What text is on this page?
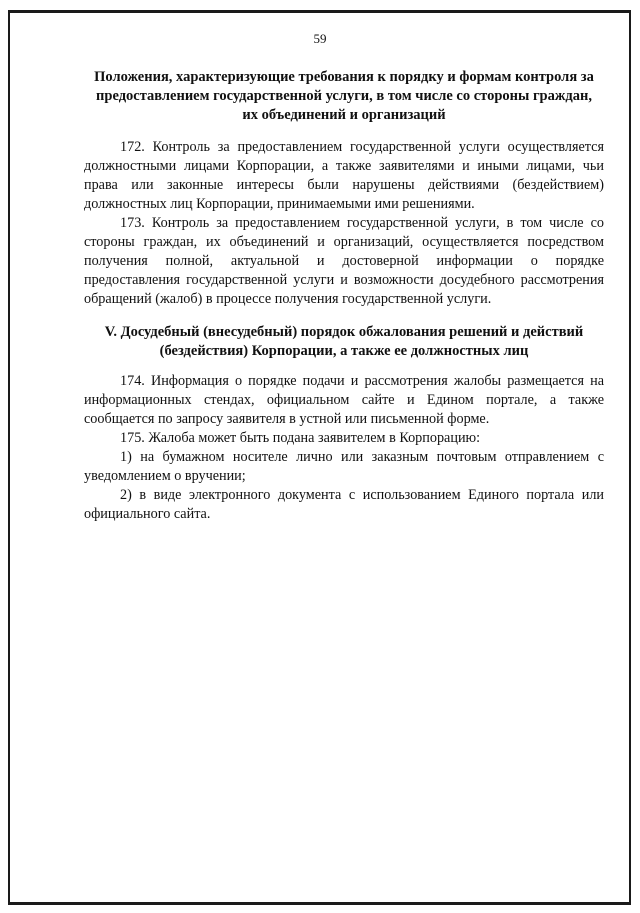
59
Положения, характеризующие требования к порядку и формам контроля за
предоставлением государственной услуги, в том числе со стороны граждан,
их объединений и организаций

172. Контроль за предоставлением государственной услуги осуществляется
должностными лицами Корпорации, а также заявителями и иными лицами, чьи
права или законные интересы были нарушены действиями (бездействием)
должностных лиц Корпорации, принимаемыми ими решениями.

173. Контроль за предоставлением государственной услуги, в том числе со
стороны граждан, их объединений и организаций, осуществляется посредством
получения полной, актуальной и достоверной информации о порядке
предоставления государственной услуги и возможности досудебного рассмотрения
обращений (жалоб) в процессе получения государственной услуги.

V. Досудебный (внесудебный) порядок обжалования решений и действий
(бездействия) Корпорации, а также ее должностных лиц

174. Информация о порядке подачи и рассмотрения жалобы размещается на
информационных стендах, официальном сайте и Едином портале, а также
сообщается по запросу заявителя в устной или письменной форме.

175. Жалоба может быть подана заявителем в Корпорацию:

1) на бумажном носителе лично или заказным почтовым отправлением с
уведомлением о вручении;

2) в виде электронного документа с использованием Единого портала или
официального сайта.
